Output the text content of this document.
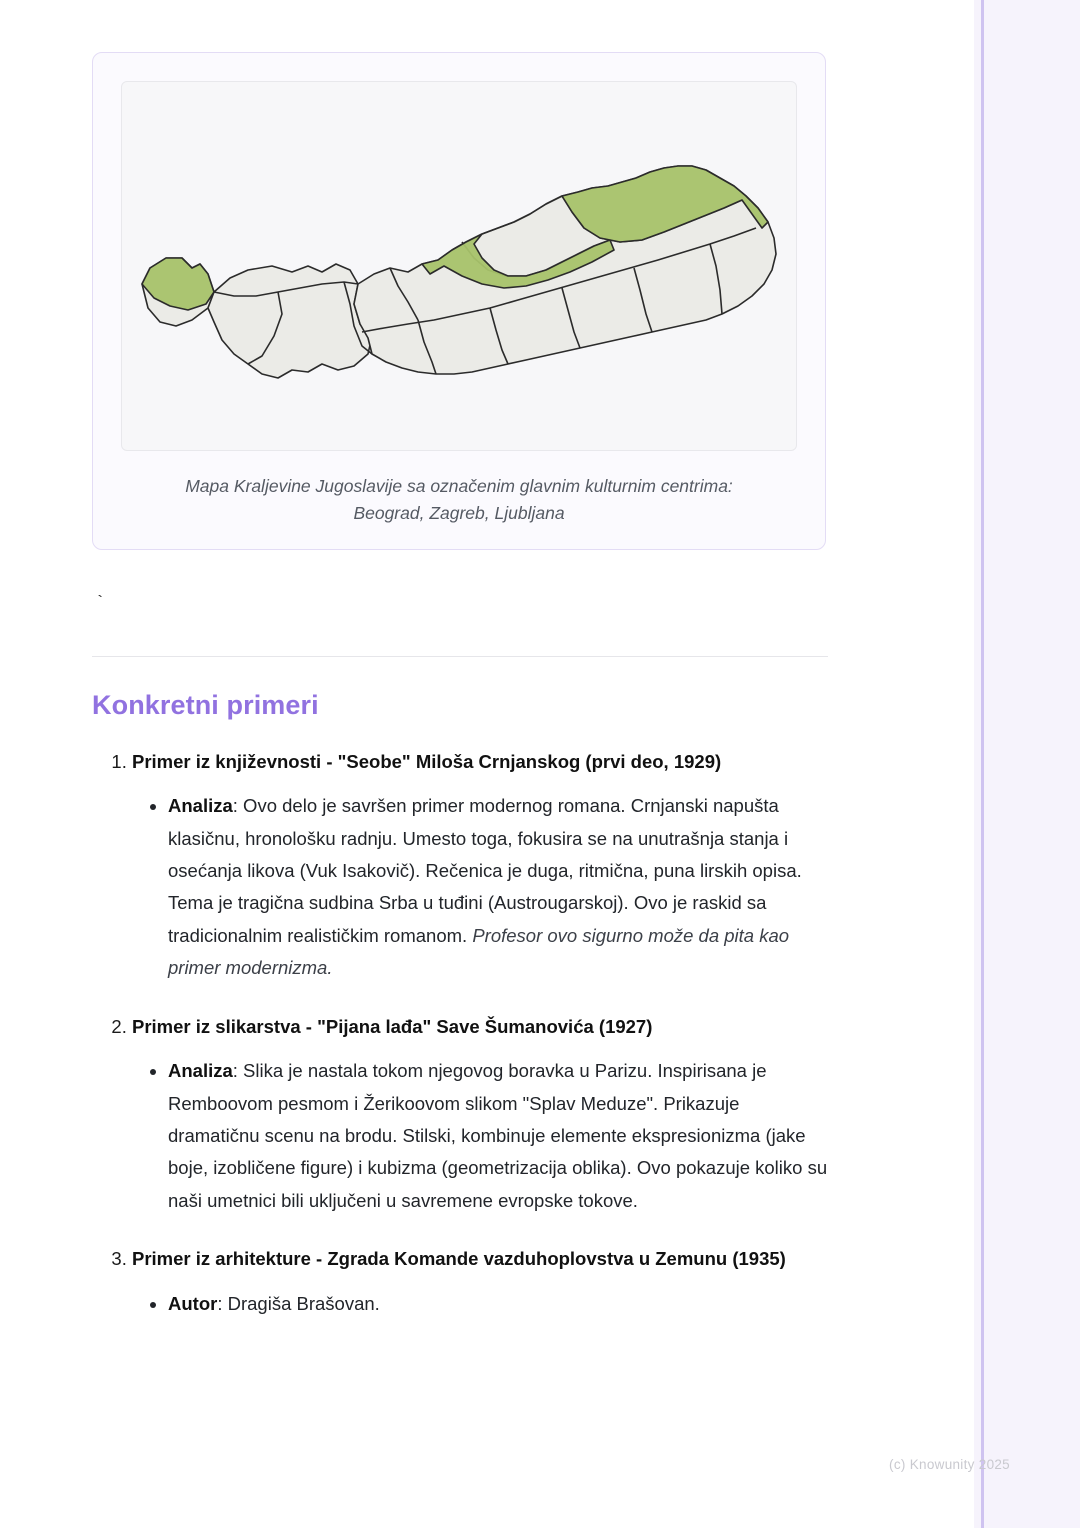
Mapa Kraljevine Jugoslavije sa označenim glavnim kulturnim centrima: Beograd, Zagreb, Ljubljana
`
Konkretni primeri
1. Primer iz književnosti - "Seobe" Miloša Crnjanskog (prvi deo, 1929)
• Analiza: Ovo delo je savršen primer modernog romana. Crnjanski napušta klasičnu, hronološku radnju. Umesto toga, fokusira se na unutrašnja stanja i osećanja likova (Vuk Isakovič). Rečenica je duga, ritmična, puna lirskih opisa. Tema je tragična sudbina Srba u tuđini (Austrougarskoj). Ovo je raskid sa tradicionalnim realističkim romanom. Profesor ovo sigurno može da pita kao primer modernizma.
2. Primer iz slikarstva - "Pijana lađa" Save Šumanovića (1927)
• Analiza: Slika je nastala tokom njegovog boravka u Parizu. Inspirisana je Remboovom pesmom i Žerikoovom slikom "Splav Meduze". Prikazuje dramatičnu scenu na brodu. Stilski, kombinuje elemente ekspresionizma (jake boje, izobličene figure) i kubizma (geometrizacija oblika). Ovo pokazuje koliko su naši umetnici bili uključeni u savremene evropske tokove.
3. Primer iz arhitekture - Zgrada Komande vazduhoplovstva u Zemunu (1935)
• Autor: Dragiša Brašovan.
(c) Knowunity 2025
